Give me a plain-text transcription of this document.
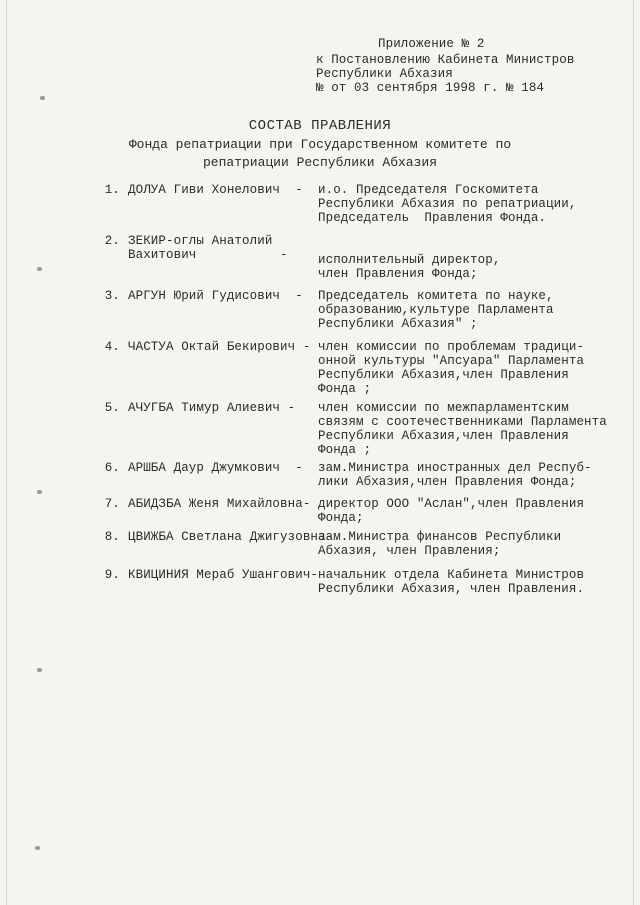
Приложение № 2
к Постановлению Кабинета Министров
Республики Абхазия
№ от 03 сентября 1998 г. № 184
СОСТАВ ПРАВЛЕНИЯ
Фонда репатриации при Государственном комитете по
репатриации Республики Абхазия
1. ДОЛУА Гиви Хонелович  - и.о. Председателя Госкомитета
Республики Абхазия по репатриации,
Председатель  Правления Фонда.
2. ЗЕКИР-оглы Анатолий
Вахитович           - исполнительный директор,
член Правления Фонда;
3. АРГУН Юрий Гудисович  - Председатель комитета по науке,
образованию,культуре Парламента
Республики Абхазия" ;
4. ЧАСТУА Октай Бекирович - член комиссии по проблемам традици-
онной культуры "Апсуара" Парламента
Республики Абхазия,член Правления
Фонда ;
5. АЧУГБА Тимур Алиевич - член комиссии по межпарламентским
связям с соотечественниками Парламента
Республики Абхазия,член Правления
Фонда ;
6. АРШБА Даур Джумкович  - зам.Министра иностранных дел Респуб-
лики Абхазия,член Правления Фонда;
7. АБИДЗБА Женя Михайловна- директор ООО "Аслан",член Правления
Фонда;
8. ЦВИЖБА Светлана Джигузовна-
зам.Министра финансов Республики
Абхазия, член Правления;
9. КВИЦИНИЯ Мераб Ушангович- начальник отдела Кабинета Министров
Республики Абхазия, член Правления.
